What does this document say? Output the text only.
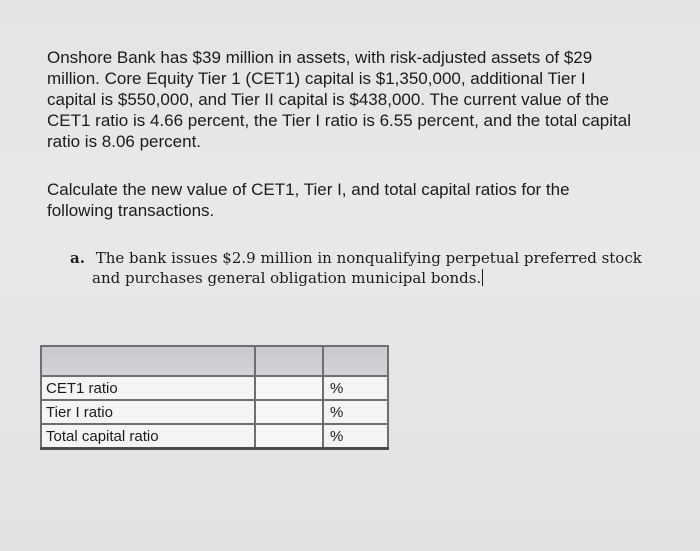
Onshore Bank has $39 million in assets, with risk-adjusted assets of $29
million. Core Equity Tier 1 (CET1) capital is $1,350,000, additional Tier I
capital is $550,000, and Tier II capital is $438,000. The current value of the
CET1 ratio is 4.66 percent, the Tier I ratio is 6.55 percent, and the total capital
ratio is 8.06 percent.
Calculate the new value of CET1, Tier I, and total capital ratios for the
following transactions.
a. The bank issues $2.9 million in nonqualifying perpetual preferred stock
and purchases general obligation municipal bonds.

CET1 ratio		%
Tier I ratio		%
Total capital ratio		%
